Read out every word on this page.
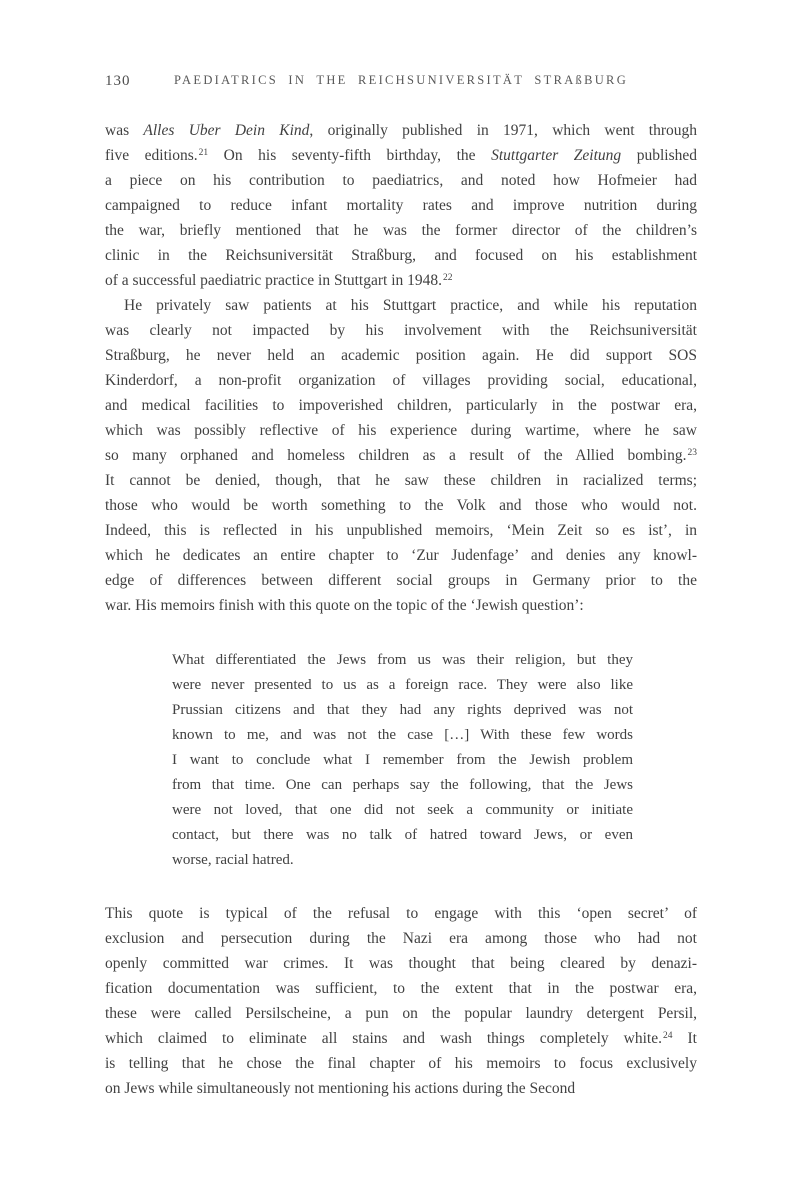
130	PAEDIATRICS IN THE REICHSUNIVERSITÄT STRAßBURG
was Alles Uber Dein Kind, originally published in 1971, which went through
five editions.$^{21}$ On his seventy-fifth birthday, the Stuttgarter Zeitung published
a piece on his contribution to paediatrics, and noted how Hofmeier had
campaigned to reduce infant mortality rates and improve nutrition during
the war, briefly mentioned that he was the former director of the children’s
clinic in the Reichsuniversität Straßburg, and focused on his establishment
of a successful paediatric practice in Stuttgart in 1948.22
He privately saw patients at his Stuttgart practice, and while his reputation
was clearly not impacted by his involvement with the Reichsuniversität
Straßburg, he never held an academic position again. He did support SOS
Kinderdorf, a non-profit organization of villages providing social, educational,
and medical facilities to impoverished children, particularly in the postwar era,
which was possibly reflective of his experience during wartime, where he saw
so many orphaned and homeless children as a result of the Allied bombing.$^{23}$
It cannot be denied, though, that he saw these children in racialized terms;
those who would be worth something to the Volk and those who would not.
Indeed, this is reflected in his unpublished memoirs, ‘Mein Zeit so es ist’, in
which he dedicates an entire chapter to ‘Zur Judenfage’ and denies any knowl-
edge of differences between different social groups in Germany prior to the
war. His memoirs finish with this quote on the topic of the ‘Jewish question’:
What differentiated the Jews from us was their religion, but they
were never presented to us as a foreign race. They were also like
Prussian citizens and that they had any rights deprived was not
known to me, and was not the case […] With these few words
I want to conclude what I remember from the Jewish problem
from that time. One can perhaps say the following, that the Jews
were not loved, that one did not seek a community or initiate
contact, but there was no talk of hatred toward Jews, or even
worse, racial hatred.
This quote is typical of the refusal to engage with this ‘open secret’ of
exclusion and persecution during the Nazi era among those who had not
openly committed war crimes. It was thought that being cleared by denazi-
fication documentation was sufficient, to the extent that in the postwar era,
these were called Persilscheine, a pun on the popular laundry detergent Persil,
which claimed to eliminate all stains and wash things completely white.$^{24}$ It
is telling that he chose the final chapter of his memoirs to focus exclusively
on Jews while simultaneously not mentioning his actions during the Second
